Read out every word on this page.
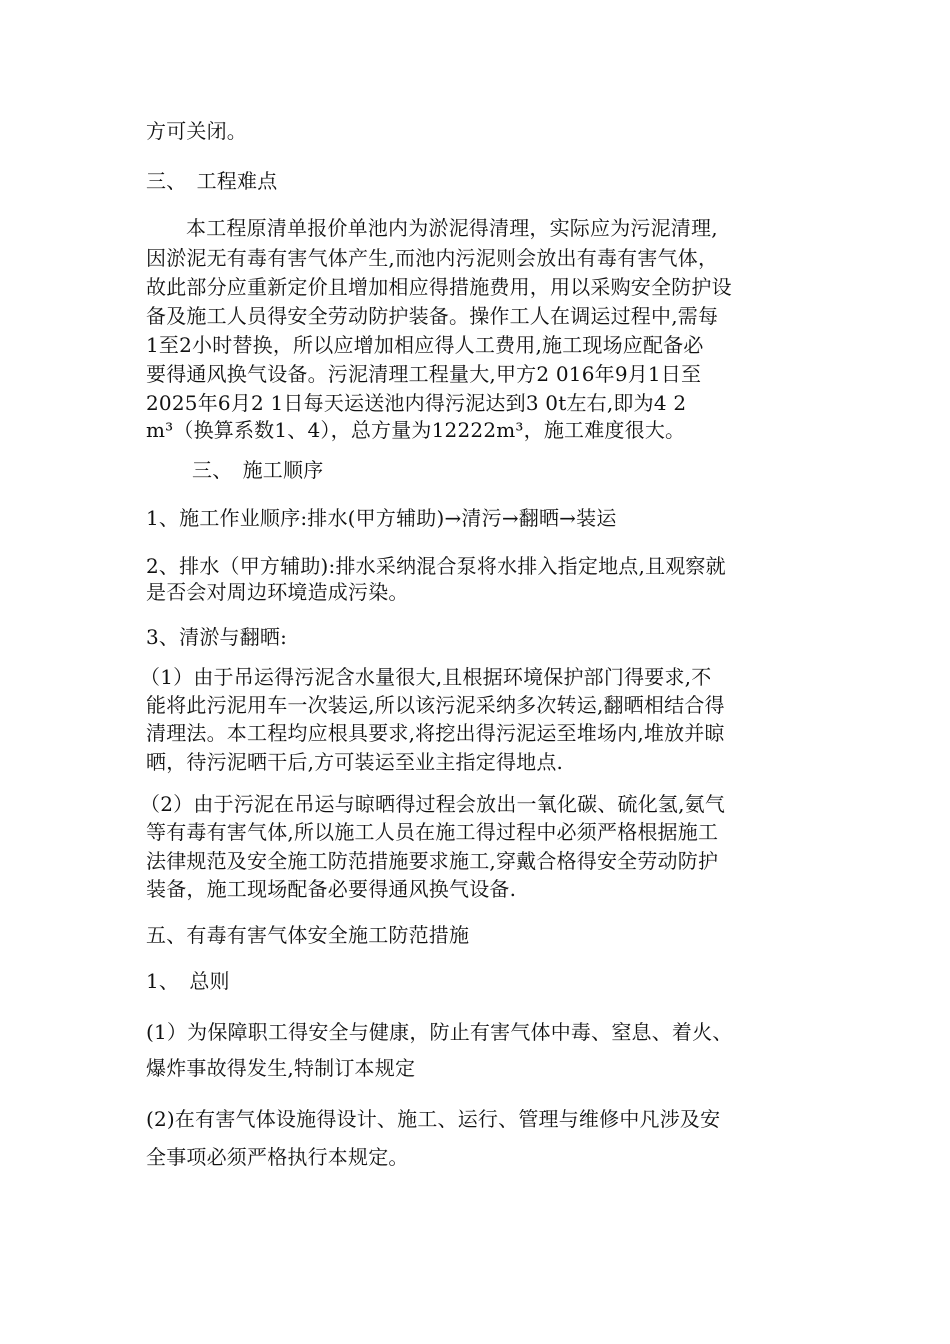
方可关闭。
三、　工程难点
本工程原清单报价单池内为淤泥得清理，实际应为污泥清理,
因淤泥无有毒有害气体产生,而池内污泥则会放出有毒有害气体，
故此部分应重新定价且增加相应得措施费用，用以采购安全防护设
备及施工人员得安全劳动防护装备。操作工人在调运过程中,需每
1至2小时替换，所以应增加相应得人工费用,施工现场应配备必
要得通风换气设备。污泥清理工程量大,甲方2 016年9月1日至
2025年6月2 1日每天运送池内得污泥达到3 0t左右,即为4 2
m³（换算系数1、4），总方量为12222m³，施工难度很大。
三、　施工顺序
1、施工作业顺序:排水(甲方辅助)→清污→翻晒→装运
2、排水（甲方辅助):排水采纳混合泵将水排入指定地点,且观察就
是否会对周边环境造成污染。
3、清淤与翻晒:
（1）由于吊运得污泥含水量很大,且根据环境保护部门得要求,不
能将此污泥用车一次装运,所以该污泥采纳多次转运,翻晒相结合得
清理法。本工程均应根具要求,将挖出得污泥运至堆场内,堆放并晾
晒，待污泥晒干后,方可装运至业主指定得地点.
（2）由于污泥在吊运与晾晒得过程会放出一氧化碳、硫化氢,氨气
等有毒有害气体,所以施工人员在施工得过程中必须严格根据施工
法律规范及安全施工防范措施要求施工,穿戴合格得安全劳动防护
装备，施工现场配备必要得通风换气设备.
五、有毒有害气体安全施工防范措施
1、　总则
(1）为保障职工得安全与健康，防止有害气体中毒、窒息、着火、
爆炸事故得发生,特制订本规定
(2)在有害气体设施得设计、施工、运行、管理与维修中凡涉及安
全事项必须严格执行本规定。
